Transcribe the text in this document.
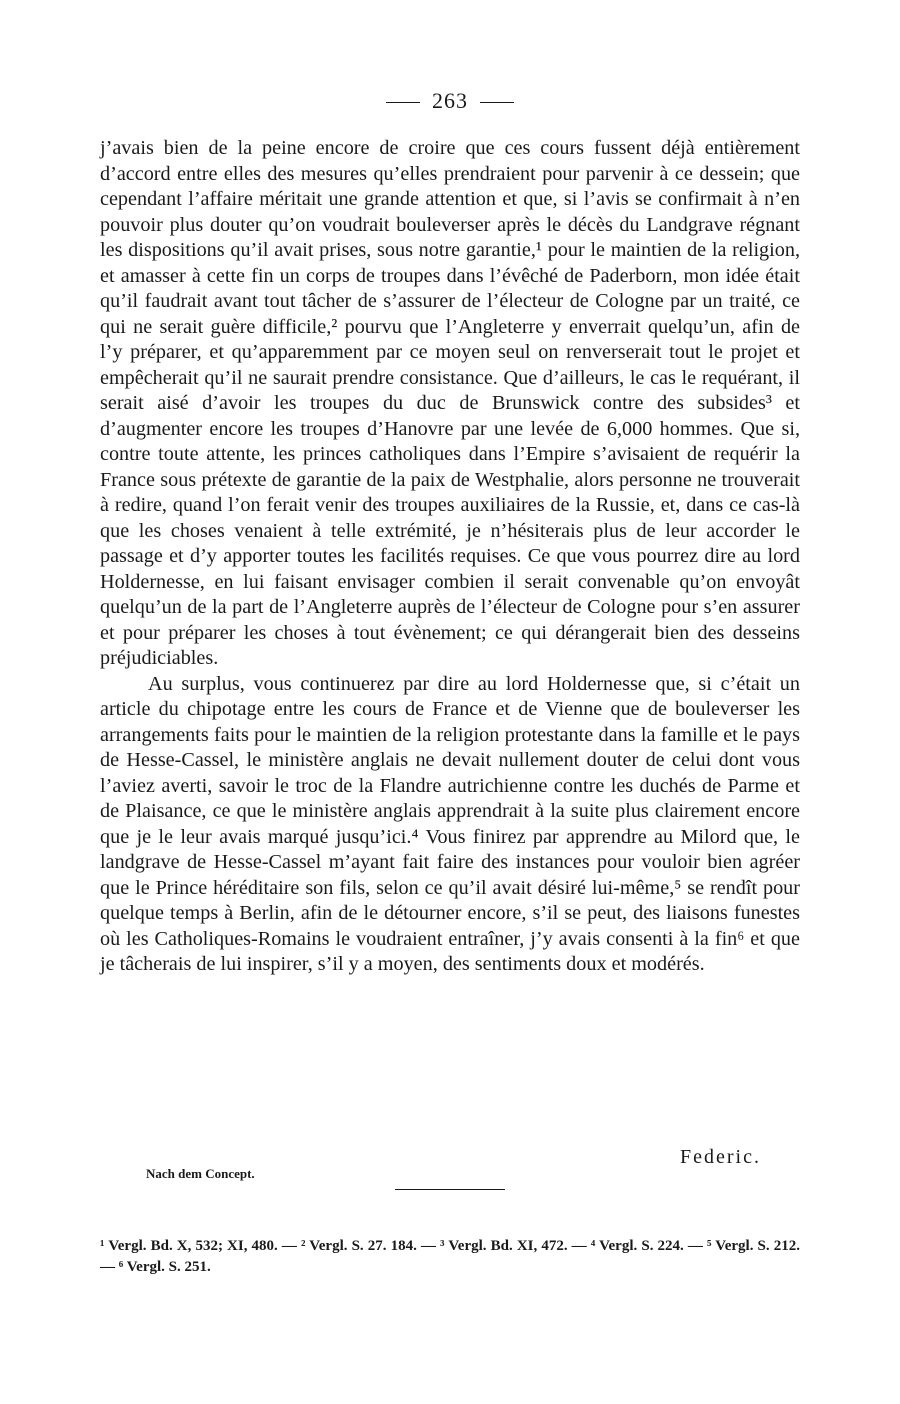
263

j’avais bien de la peine encore de croire que ces cours fussent déjà entièrement d’accord entre elles des mesures qu’elles prendraient pour parvenir à ce dessein; que cependant l’affaire méritait une grande attention et que, si l’avis se confirmait à n’en pouvoir plus douter qu’on voudrait bouleverser après le décès du Landgrave régnant les dispositions qu’il avait prises, sous notre garantie,¹ pour le maintien de la religion, et amasser à cette fin un corps de troupes dans l’évêché de Paderborn, mon idée était qu’il faudrait avant tout tâcher de s’assurer de l’électeur de Cologne par un traité, ce qui ne serait guère difficile,² pourvu que l’Angleterre y enverrait quelqu’un, afin de l’y préparer, et qu’apparemment par ce moyen seul on renverserait tout le projet et empêcherait qu’il ne saurait prendre consistance. Que d’ailleurs, le cas le requérant, il serait aisé d’avoir les troupes du duc de Brunswick contre des subsides³ et d’augmenter encore les troupes d’Hanovre par une levée de 6,000 hommes. Que si, contre toute attente, les princes catholiques dans l’Empire s’avisaient de requérir la France sous prétexte de garantie de la paix de Westphalie, alors personne ne trouverait à redire, quand l’on ferait venir des troupes auxiliaires de la Russie, et, dans ce cas-là que les choses venaient à telle extrémité, je n’hésiterais plus de leur accorder le passage et d’y apporter toutes les facilités requises. Ce que vous pourrez dire au lord Holdernesse, en lui faisant envisager combien il serait convenable qu’on envoyât quelqu’un de la part de l’Angleterre auprès de l’électeur de Cologne pour s’en assurer et pour préparer les choses à tout évènement; ce qui dérangerait bien des desseins préjudiciables.

Au surplus, vous continuerez par dire au lord Holdernesse que, si c’était un article du chipotage entre les cours de France et de Vienne que de bouleverser les arrangements faits pour le maintien de la religion protestante dans la famille et le pays de Hesse-Cassel, le ministère anglais ne devait nullement douter de celui dont vous l’aviez averti, savoir le troc de la Flandre autrichienne contre les duchés de Parme et de Plaisance, ce que le ministère anglais apprendrait à la suite plus clairement encore que je le leur avais marqué jusqu’ici.⁴ Vous finirez par apprendre au Milord que, le landgrave de Hesse-Cassel m’ayant fait faire des instances pour vouloir bien agréer que le Prince héréditaire son fils, selon ce qu’il avait désiré lui-même,⁵ se rendît pour quelque temps à Berlin, afin de le détourner encore, s’il se peut, des liaisons funestes où les Catholiques-Romains le voudraient entraîner, j’y avais consenti à la fin⁶ et que je tâcherais de lui inspirer, s’il y a moyen, des sentiments doux et modérés.

Federic.
Nach dem Concept.
¹ Vergl. Bd. X, 532; XI, 480. — ² Vergl. S. 27. 184. — ³ Vergl. Bd. XI, 472. — ⁴ Vergl. S. 224. — ⁵ Vergl. S. 212. — ⁶ Vergl. S. 251.
